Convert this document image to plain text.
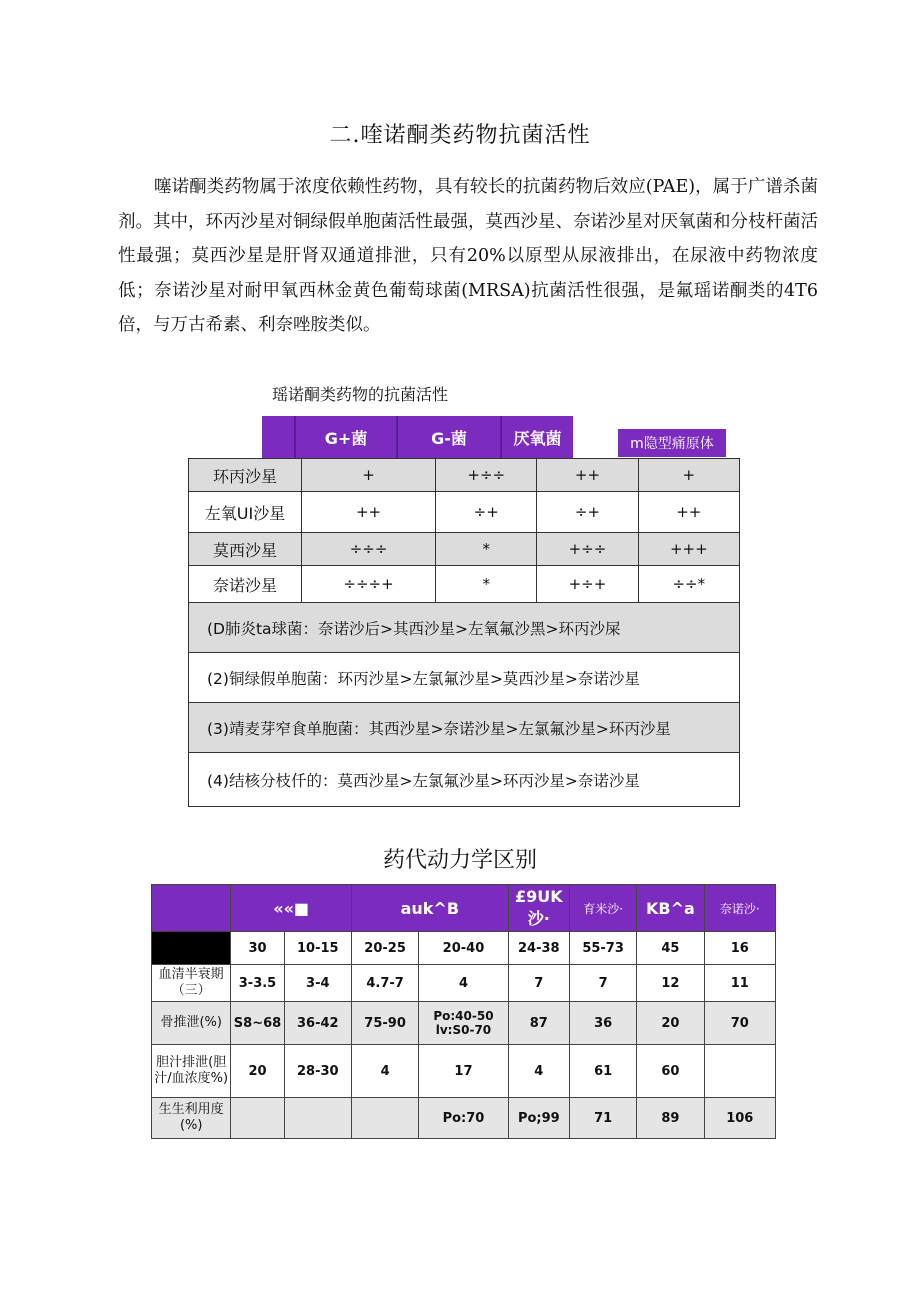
二.喹诺酮类药物抗菌活性
噻诺酮类药物属于浓度依赖性药物，具有较长的抗菌药物后效应(PAE)，属于广谱杀菌剂。其中，环丙沙星对铜绿假单胞菌活性最强，莫西沙星、奈诺沙星对厌氧菌和分枝杆菌活性最强；莫西沙星是肝肾双通道排泄，只有20%以原型从尿液排出，在尿液中药物浓度低；奈诺沙星对耐甲氧西林金黄色葡萄球菌(MRSA)抗菌活性很强，是氟瑶诺酮类的4T6倍，与万古希素、利奈唑胺类似。
瑶诺酮类药物的抗菌活性
G+菌	G-菌	厌氧菌	m隐型痛原体
环丙沙星	+	+÷÷	++	+
左氧UI沙星	++	÷+	÷+	++
莫西沙星	÷÷÷	*	+÷÷	+++
奈诺沙星	÷÷÷+	*	+÷+	÷÷*
(D肺炎ta球菌：奈诺沙后>其西沙星>左氧氟沙黑>环丙沙屎				
(2)铜绿假单胞菌：环丙沙星>左氯氟沙星>莫西沙星>奈诺沙星				
(3)靖麦芽窄食单胞菌：其西沙星>奈诺沙星>左氯氟沙星>环丙沙星				
(4)结核分枝仟的：莫西沙星>左氯氟沙星>环丙沙星>奈诺沙星				
药代动力学区别
	««■		auk^B		£9UK 沙·	育米沙·	KB^a	奈诺沙·
	30	10-15	20-25	20-40	24-38	55-73	45	16
血清半衰期（三）	3-3.5	3-4	4.7-7	4	7	7	12	11
骨推泄(%)	S8~68	36-42	75-90	Po:40-50 lv:S0-70	87	36	20	70
胆汁排泄(胆汁/血浓度%)	20	28-30	4	17	4	61	60	
生生利用度(%)				Po:70	Po;99	71	89	106
